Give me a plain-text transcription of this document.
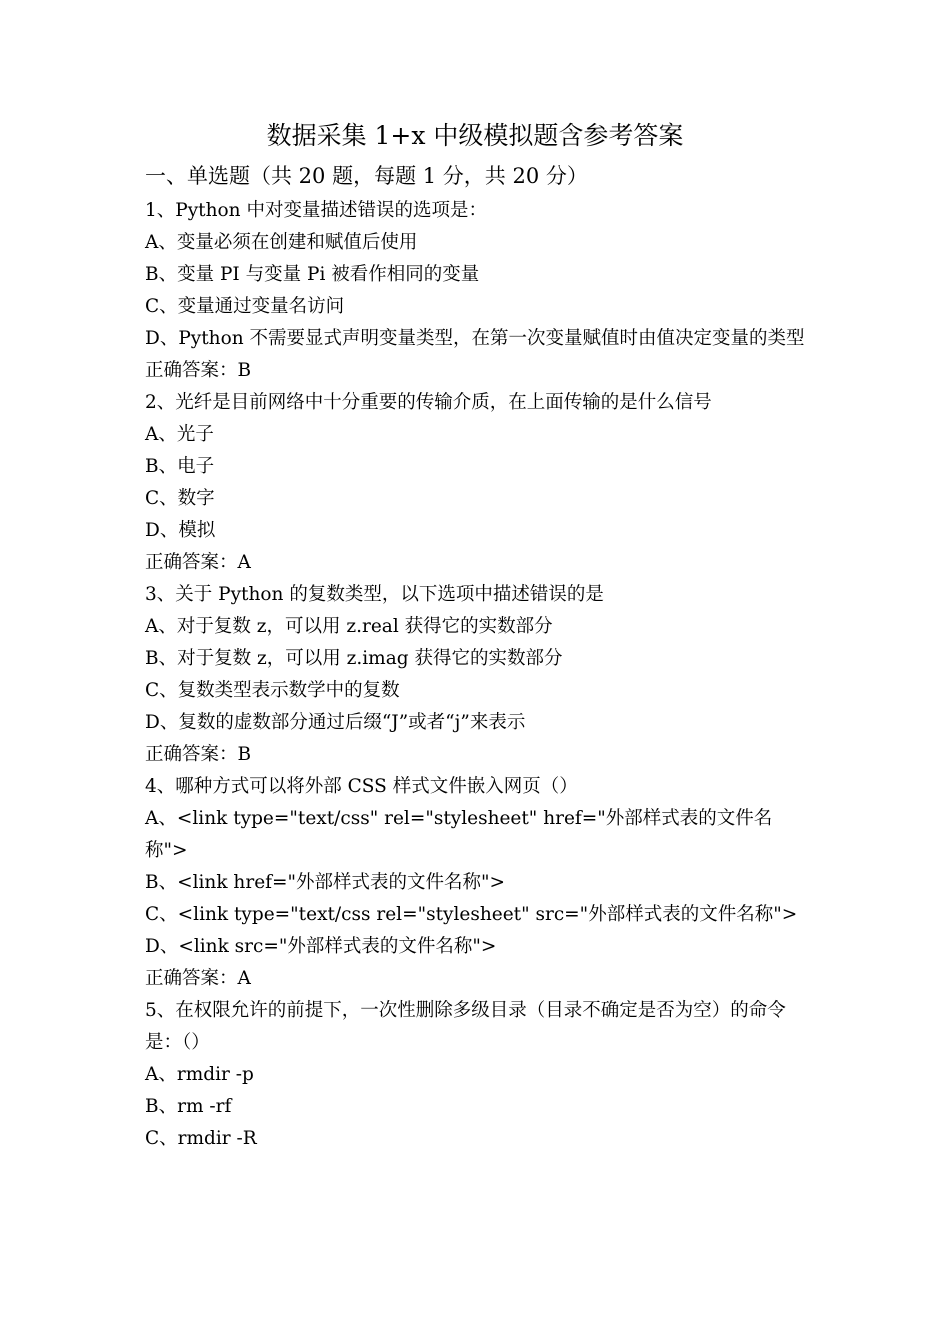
数据采集 1+x 中级模拟题含参考答案
一、单选题（共 20 题，每题 1 分，共 20 分）

1、Python 中对变量描述错误的选项是：

A、变量必须在创建和赋值后使用

B、变量 PI 与变量 Pi 被看作相同的变量

C、变量通过变量名访问

D、Python 不需要显式声明变量类型，在第一次变量赋值时由值决定变量的类型

正确答案：B

2、光纤是目前网络中十分重要的传输介质，在上面传输的是什么信号

A、光子

B、电子

C、数字

D、模拟

正确答案：A

3、关于 Python 的复数类型，以下选项中描述错误的是

A、对于复数 z，可以用 z.real 获得它的实数部分

B、对于复数 z，可以用 z.imag 获得它的实数部分

C、复数类型表示数学中的复数

D、复数的虚数部分通过后缀“J”或者“j”来表示

正确答案：B

4、哪种方式可以将外部 CSS 样式文件嵌入网页（）

A、<link type="text/css" rel="stylesheet" href="外部样式表的文件名称">

B、<link href="外部样式表的文件名称">

C、<link type="text/css rel="stylesheet" src="外部样式表的文件名称">

D、<link src="外部样式表的文件名称">

正确答案：A

5、在权限允许的前提下，一次性删除多级目录（目录不确定是否为空）的命令是：（）

A、rmdir -p

B、rm -rf

C、rmdir -R
